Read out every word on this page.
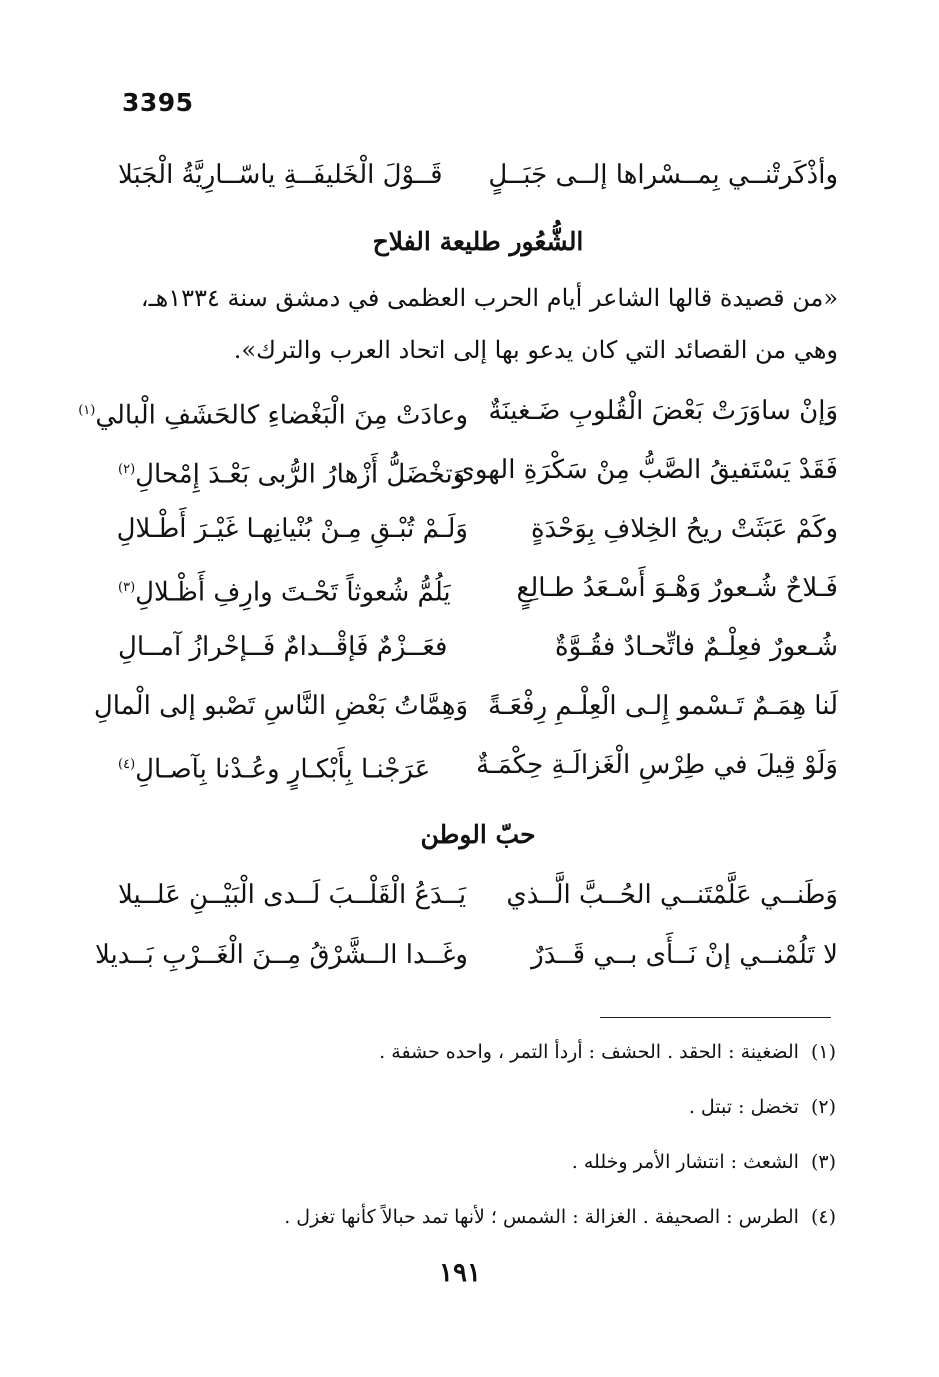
3395
وأذْكَرتْنــي بِمــسْراها إلــى جَبَــلٍ
قَــوْلَ الْخَليفَــةِ ياسّــارِيَّةُ الْجَبَلا
الشُّعُور طليعة الفلاح

«من قصيدة قالها الشاعر أيام الحرب العظمى في دمشق سنة ١٣٣٤هـ،

وهي من القصائد التي كان يدعو بها إلى اتحاد العرب والترك».

وَإنْ ساوَرَتْ بَعْضَ الْقُلوبِ ضَـغينَةٌ
وعادَتْ مِنَ الْبَغْضاءِ كالحَشَفِ الْبالي$^{(١)}$
فَقَدْ يَسْتَفيقُ الصَّبُّ مِنْ سَكْرَةِ الهوى
وَتخْضَلُّ أَزْهارُ الرُّبى بَعْـدَ إِمْحالِ$^{(٢)}$
وكَمْ عَبَثَتْ ريحُ الخِلافِ بِوَحْدَةٍ
وَلَـمْ تُبْـقِ مِـنْ بُنْيانِهـا غَيْـرَ أَطْـلالِ
فَـلاحٌ شُـعورٌ وَهْـوَ أَسْـعَدُ طـالِعٍ
يَلُمُّ شُعوثاً تَحْـتَ وارِفِ أَظْـلالِ$^{(٣)}$
شُـعورٌ فعِلْـمٌ فاتِّحـادٌ فقُـوَّةٌ
فعَــزْمٌ فَإقْــدامٌ فَــإحْرازُ آمــالِ
لَنا هِمَـمٌ تَـسْمو إِلـى الْعِلْـمِ رِفْعَـةً
وَهِمَّاتُ بَعْضِ النَّاسِ تَصْبو إلى الْمالِ
وَلَوْ قِيلَ في طِرْسِ الْغَزالَـةِ حِكْمَـةٌ
عَرَجْنـا بِأَبْكـارٍ وعُـدْنا بِآصـالِ$^{(٤)}$
حبّ الوطن
وَطَنــي عَلَّمْتَنــي الحُــبَّ الَّــذي
يَــدَعُ الْقَلْــبَ لَــدى الْبَيْــنِ عَلــيلا
لا تَلُمْنــي إنْ نَــأَى بــي قَــدَرٌ
وغَــدا الــشَّرْقُ مِــنَ الْغَــرْبِ بَــديلا
(١)الضغينة : الحقد . الحشف : أردأ التمر ، واحده حشفة .
(٢)تخضل : تبتل .
(٣)الشعث : انتشار الأمر وخلله .
(٤)الطرس : الصحيفة . الغزالة : الشمس ؛ لأنها تمد حبالاً كأنها تغزل .
١٩١
